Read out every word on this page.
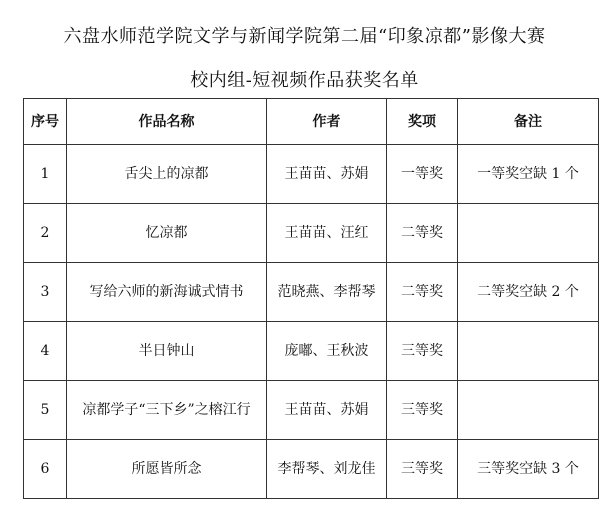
六盘水师范学院文学与新闻学院第二届“印象凉都”影像大赛
校内组-短视频作品获奖名单
序号	作品名称	作者	奖项	备注
1	舌尖上的凉都	王苗苗、苏娟	一等奖	一等奖空缺 1 个
2	忆凉都	王苗苗、汪红	二等奖	
3	写给六师的新海诚式情书	范晓燕、李帮琴	二等奖	二等奖空缺 2 个
4	半日钟山	庞嘟、王秋波	三等奖	
5	凉都学子“三下乡”之榕江行	王苗苗、苏娟	三等奖	
6	所愿皆所念	李帮琴、刘龙佳	三等奖	三等奖空缺 3 个
